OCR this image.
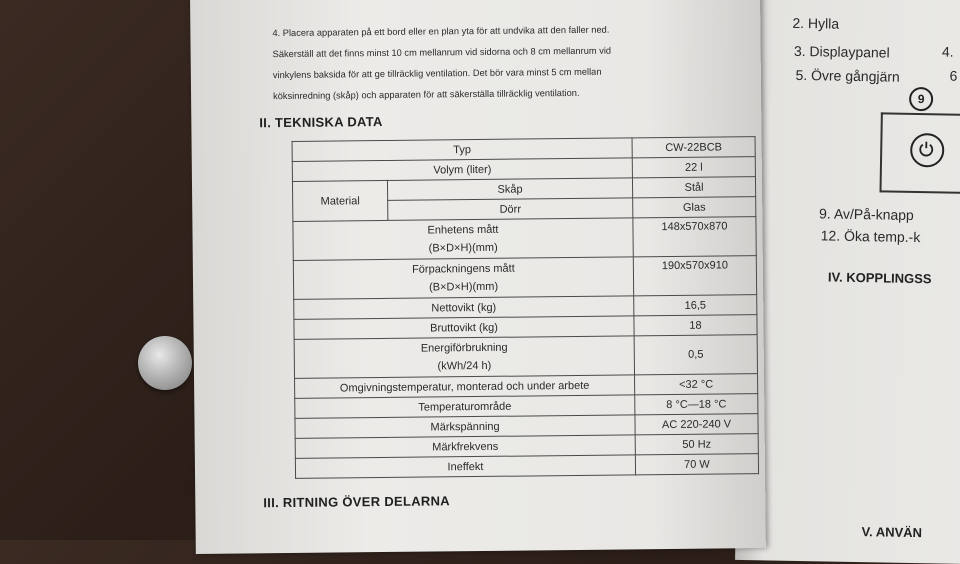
2. Hylla
3. Displaypanel	4.
5. Övre gångjärn	6
9
9. Av/På-knapp
12. Öka temp.-k
IV. KOPPLINGSS
V. ANVÄN

4. Placera apparaten på ett bord eller en plan yta för att undvika att den faller ned.
Säkerställ att det finns minst 10 cm mellanrum vid sidorna och 8 cm mellanrum vid
vinkylens baksida för att ge tillräcklig ventilation. Det bör vara minst 5 cm mellan
köksinredning (skåp) och apparaten för att säkerställa tillräcklig ventilation.

II. TEKNISKA DATA
Typ		CW-22BCB
Volym (liter)		22 l
Material	Skåp	Stål
	Dörr	Glas
Enhetens mått
(B×D×H)(mm)		148x570x870
Förpackningens mått
(B×D×H)(mm)		190x570x910
Nettovikt (kg)		16,5
Bruttovikt (kg)		18
Energiförbrukning
(kWh/24 h)		0,5
Omgivningstemperatur, monterad och under arbete		<32 °C
Temperaturområde		8 °C—18 °C
Märkspänning		AC 220-240 V
Märkfrekvens		50 Hz
Ineffekt		70 W
III. RITNING ÖVER DELARNA
